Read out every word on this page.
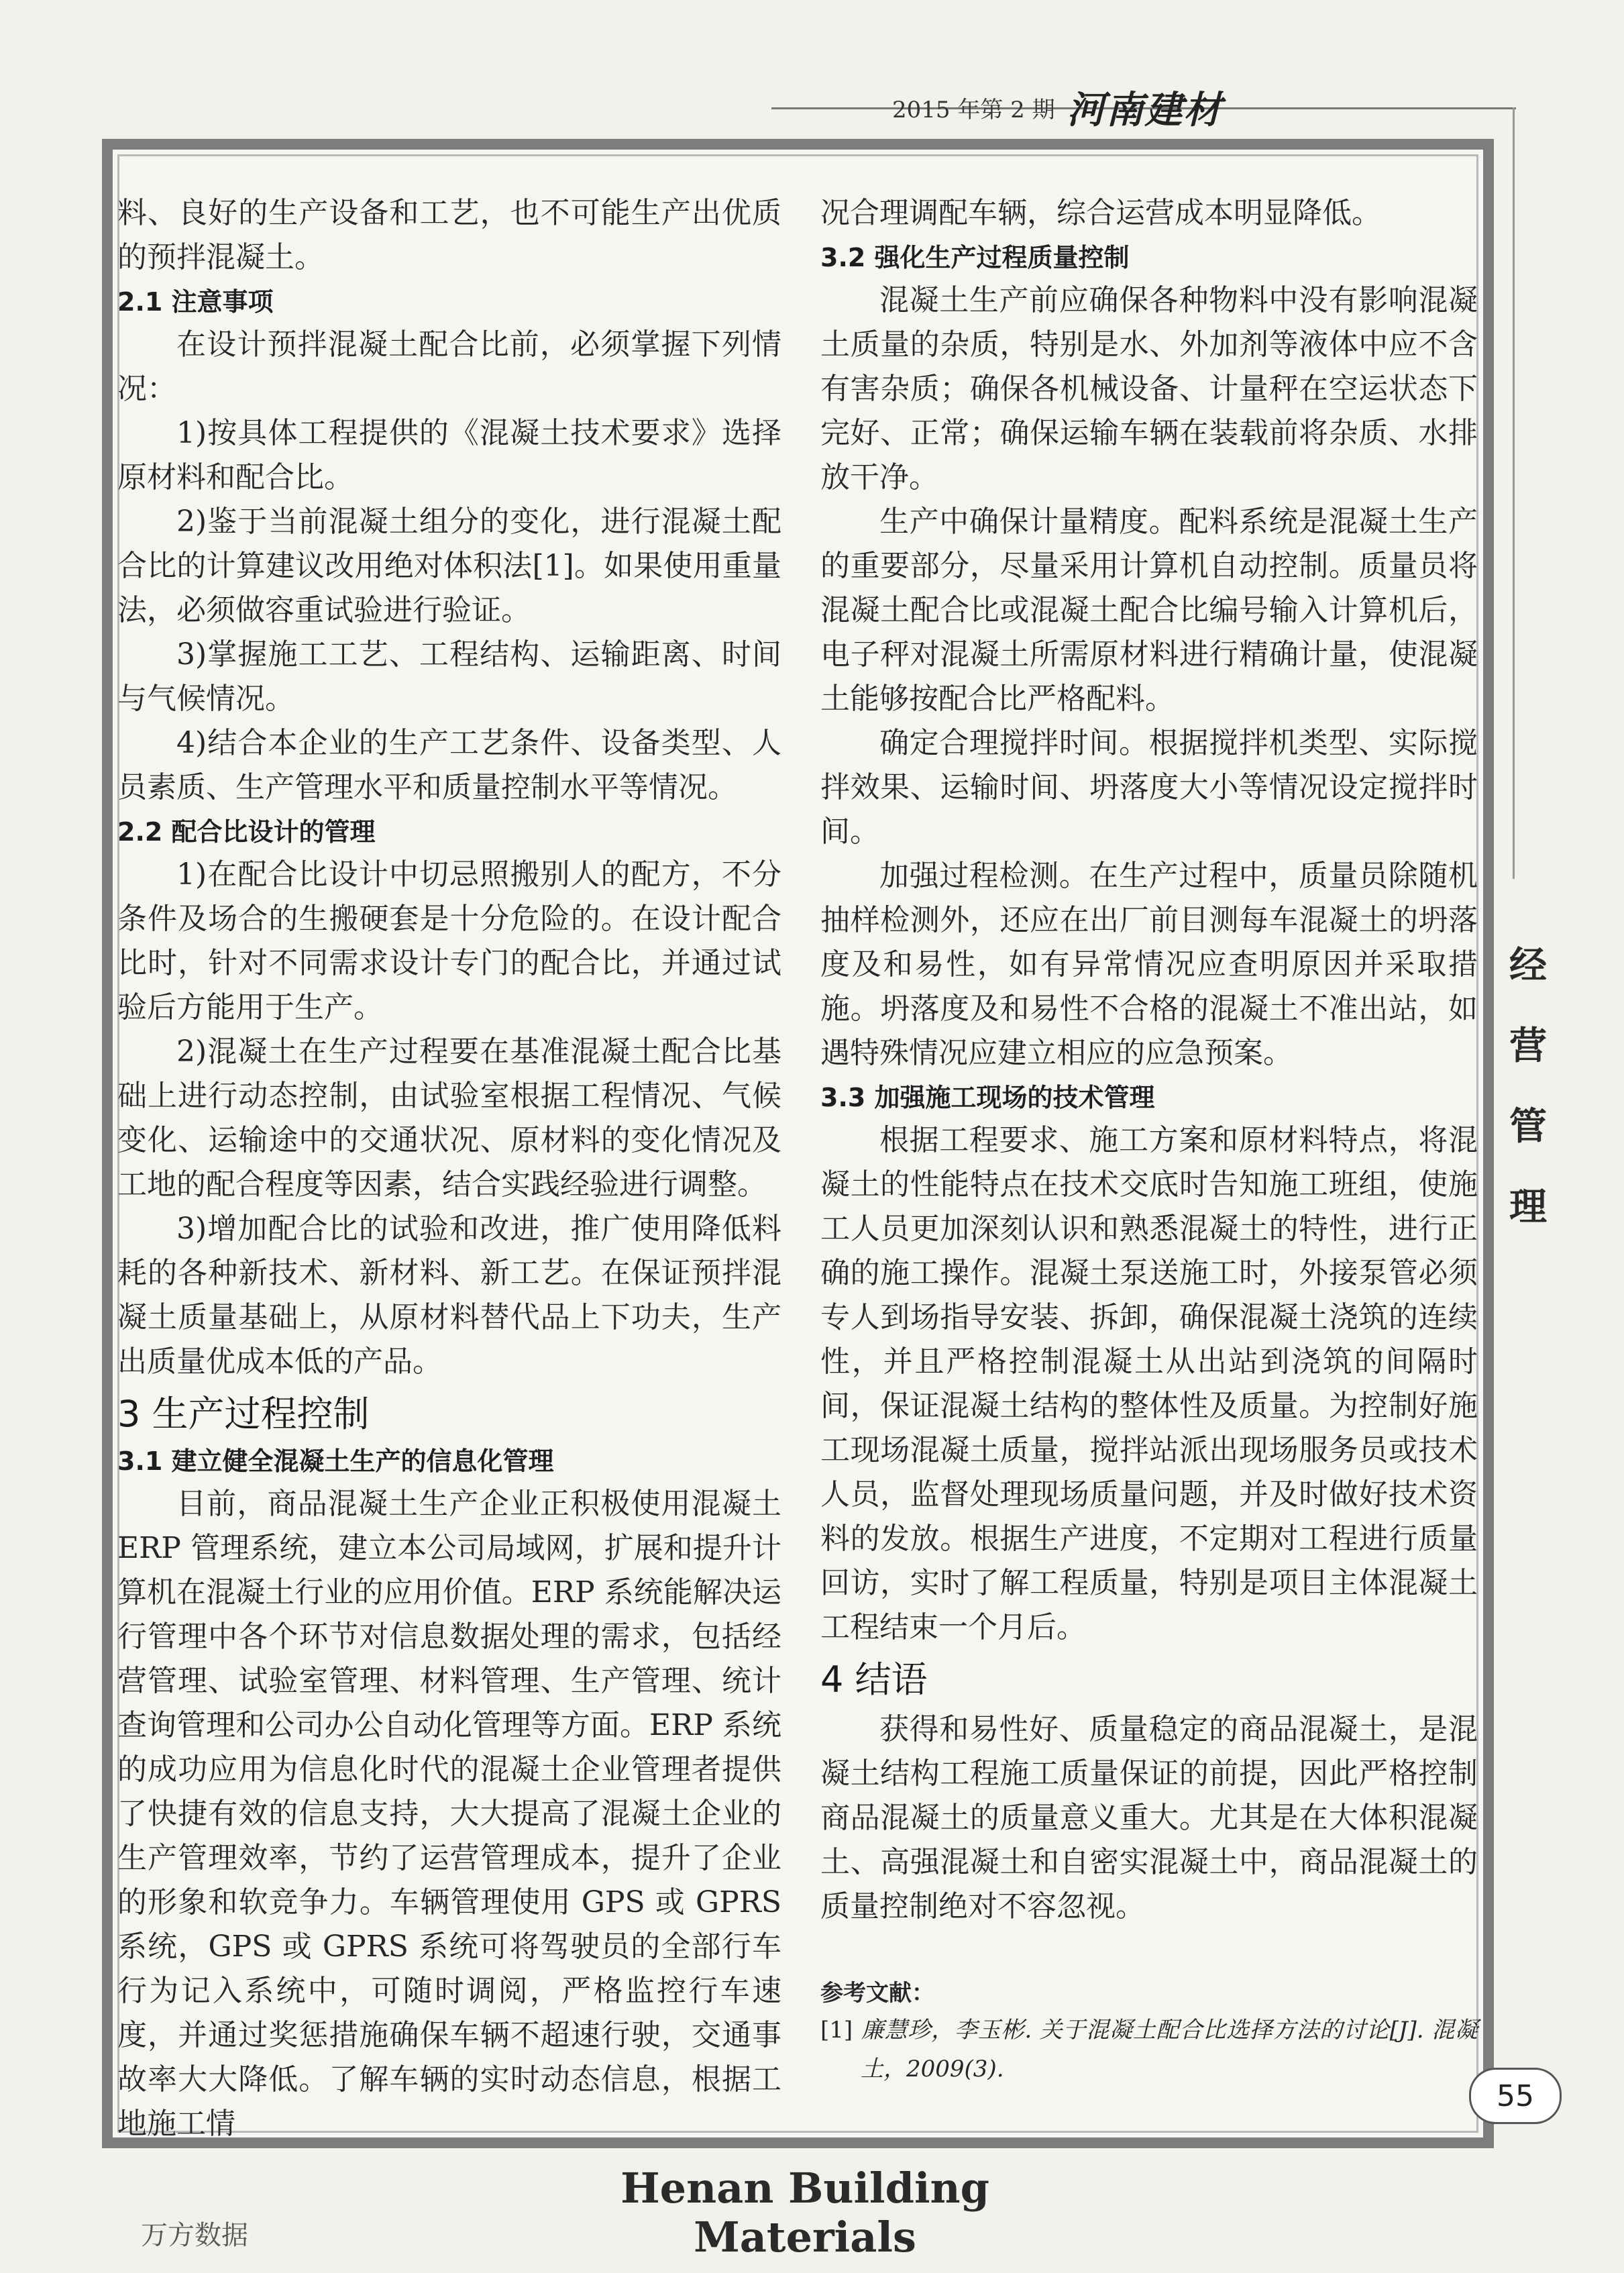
2015 年第 2 期 河南建材

料、良好的生产设备和工艺，也不可能生产出优质的预拌混凝土。

2.1 注意事项

在设计预拌混凝土配合比前，必须掌握下列情况：

1)按具体工程提供的《混凝土技术要求》选择原材料和配合比。

2)鉴于当前混凝土组分的变化，进行混凝土配合比的计算建议改用绝对体积法[1]。如果使用重量法，必须做容重试验进行验证。

3)掌握施工工艺、工程结构、运输距离、时间与气候情况。

4)结合本企业的生产工艺条件、设备类型、人员素质、生产管理水平和质量控制水平等情况。

2.2 配合比设计的管理

1)在配合比设计中切忌照搬别人的配方，不分条件及场合的生搬硬套是十分危险的。在设计配合比时，针对不同需求设计专门的配合比，并通过试验后方能用于生产。

2)混凝土在生产过程要在基准混凝土配合比基础上进行动态控制，由试验室根据工程情况、气候变化、运输途中的交通状况、原材料的变化情况及工地的配合程度等因素，结合实践经验进行调整。

3)增加配合比的试验和改进，推广使用降低料耗的各种新技术、新材料、新工艺。在保证预拌混凝土质量基础上，从原材料替代品上下功夫，生产出质量优成本低的产品。

3 生产过程控制
3.1 建立健全混凝土生产的信息化管理

目前，商品混凝土生产企业正积极使用混凝土 ERP 管理系统，建立本公司局域网，扩展和提升计算机在混凝土行业的应用价值。ERP 系统能解决运行管理中各个环节对信息数据处理的需求，包括经营管理、试验室管理、材料管理、生产管理、统计查询管理和公司办公自动化管理等方面。ERP 系统的成功应用为信息化时代的混凝土企业管理者提供了快捷有效的信息支持，大大提高了混凝土企业的生产管理效率，节约了运营管理成本，提升了企业的形象和软竞争力。车辆管理使用 GPS 或 GPRS 系统，GPS 或 GPRS 系统可将驾驶员的全部行车行为记入系统中，可随时调阅，严格监控行车速度，并通过奖惩措施确保车辆不超速行驶，交通事故率大大降低。了解车辆的实时动态信息，根据工地施工情

况合理调配车辆，综合运营成本明显降低。

3.2 强化生产过程质量控制

混凝土生产前应确保各种物料中没有影响混凝土质量的杂质，特别是水、外加剂等液体中应不含有害杂质；确保各机械设备、计量秤在空运状态下完好、正常；确保运输车辆在装载前将杂质、水排放干净。

生产中确保计量精度。配料系统是混凝土生产的重要部分，尽量采用计算机自动控制。质量员将混凝土配合比或混凝土配合比编号输入计算机后，电子秤对混凝土所需原材料进行精确计量，使混凝土能够按配合比严格配料。

确定合理搅拌时间。根据搅拌机类型、实际搅拌效果、运输时间、坍落度大小等情况设定搅拌时间。

加强过程检测。在生产过程中，质量员除随机抽样检测外，还应在出厂前目测每车混凝土的坍落度及和易性，如有异常情况应查明原因并采取措施。坍落度及和易性不合格的混凝土不准出站，如遇特殊情况应建立相应的应急预案。

3.3 加强施工现场的技术管理

根据工程要求、施工方案和原材料特点，将混凝土的性能特点在技术交底时告知施工班组，使施工人员更加深刻认识和熟悉混凝土的特性，进行正确的施工操作。混凝土泵送施工时，外接泵管必须专人到场指导安装、拆卸，确保混凝土浇筑的连续性，并且严格控制混凝土从出站到浇筑的间隔时间，保证混凝土结构的整体性及质量。为控制好施工现场混凝土质量，搅拌站派出现场服务员或技术人员，监督处理现场质量问题，并及时做好技术资料的发放。根据生产进度，不定期对工程进行质量回访，实时了解工程质量，特别是项目主体混凝土工程结束一个月后。

4 结语

获得和易性好、质量稳定的商品混凝土，是混凝土结构工程施工质量保证的前提，因此严格控制商品混凝土的质量意义重大。尤其是在大体积混凝土、高强混凝土和自密实混凝土中，商品混凝土的质量控制绝对不容忽视。

参考文献：

[1] 廉慧珍，李玉彬. 关于混凝土配合比选择方法的讨论[J]. 混凝土，2009(3).

经
营
管
理
55
Henan Building Materials
万方数据
